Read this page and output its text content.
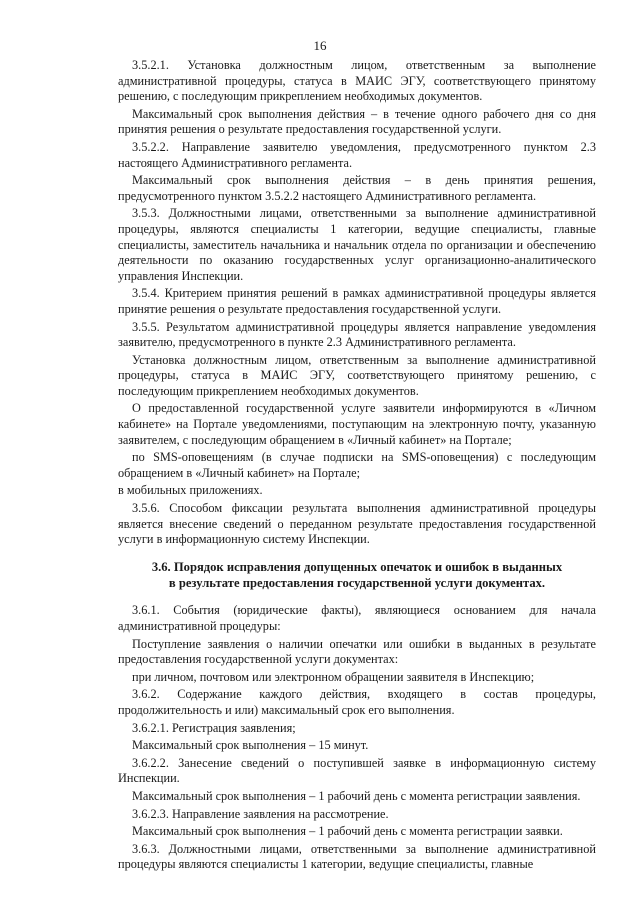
16

3.5.2.1. Установка должностным лицом, ответственным за выполнение административной процедуры, статуса в МАИС ЭГУ, соответствующего принятому решению, с последующим прикреплением необходимых документов.

Максимальный срок выполнения действия – в течение одного рабочего дня со дня принятия решения о результате предоставления государственной услуги.

3.5.2.2. Направление заявителю уведомления, предусмотренного пунктом 2.3 настоящего Административного регламента.

Максимальный срок выполнения действия – в день принятия решения, предусмотренного пунктом 3.5.2.2 настоящего Административного регламента.

3.5.3. Должностными лицами, ответственными за выполнение административной процедуры, являются специалисты 1 категории, ведущие специалисты, главные специалисты, заместитель начальника и начальник отдела по организации и обеспечению деятельности по оказанию государственных услуг организационно-аналитического управления Инспекции.

3.5.4. Критерием принятия решений в рамках административной процедуры является принятие решения о результате предоставления государственной услуги.

3.5.5. Результатом административной процедуры является направление уведомления заявителю, предусмотренного в пункте 2.3 Административного регламента.

Установка должностным лицом, ответственным за выполнение административной процедуры, статуса в МАИС ЭГУ, соответствующего принятому решению, с последующим прикреплением необходимых документов.

О предоставленной государственной услуге заявители информируются в «Личном кабинете» на Портале уведомлениями, поступающим на электронную почту, указанную заявителем, с последующим обращением в «Личный кабинет» на Портале;

по SMS-оповещениям (в случае подписки на SMS-оповещения) с последующим обращением в «Личный кабинет» на Портале;

в мобильных приложениях.

3.5.6. Способом фиксации результата выполнения административной процедуры является внесение сведений о переданном результате предоставления государственной услуги в информационную систему Инспекции.

3.6. Порядок исправления допущенных опечаток и ошибок в выданных
в результате предоставления государственной услуги документах.

3.6.1. События (юридические факты), являющиеся основанием для начала административной процедуры:

Поступление заявления о наличии опечатки или ошибки в выданных в результате предоставления государственной услуги документах:

при личном, почтовом или электронном обращении заявителя в Инспекцию;

3.6.2. Содержание каждого действия, входящего в состав процедуры, продолжительность и или) максимальный срок его выполнения.

3.6.2.1. Регистрация заявления;

Максимальный срок выполнения – 15 минут.

3.6.2.2. Занесение сведений о поступившей заявке в информационную систему Инспекции.

Максимальный срок выполнения – 1 рабочий день с момента регистрации заявления.

3.6.2.3. Направление заявления на рассмотрение.

Максимальный срок выполнения – 1 рабочий день с момента регистрации заявки.

3.6.3. Должностными лицами, ответственными за выполнение административной процедуры являются специалисты 1 категории, ведущие специалисты, главные
